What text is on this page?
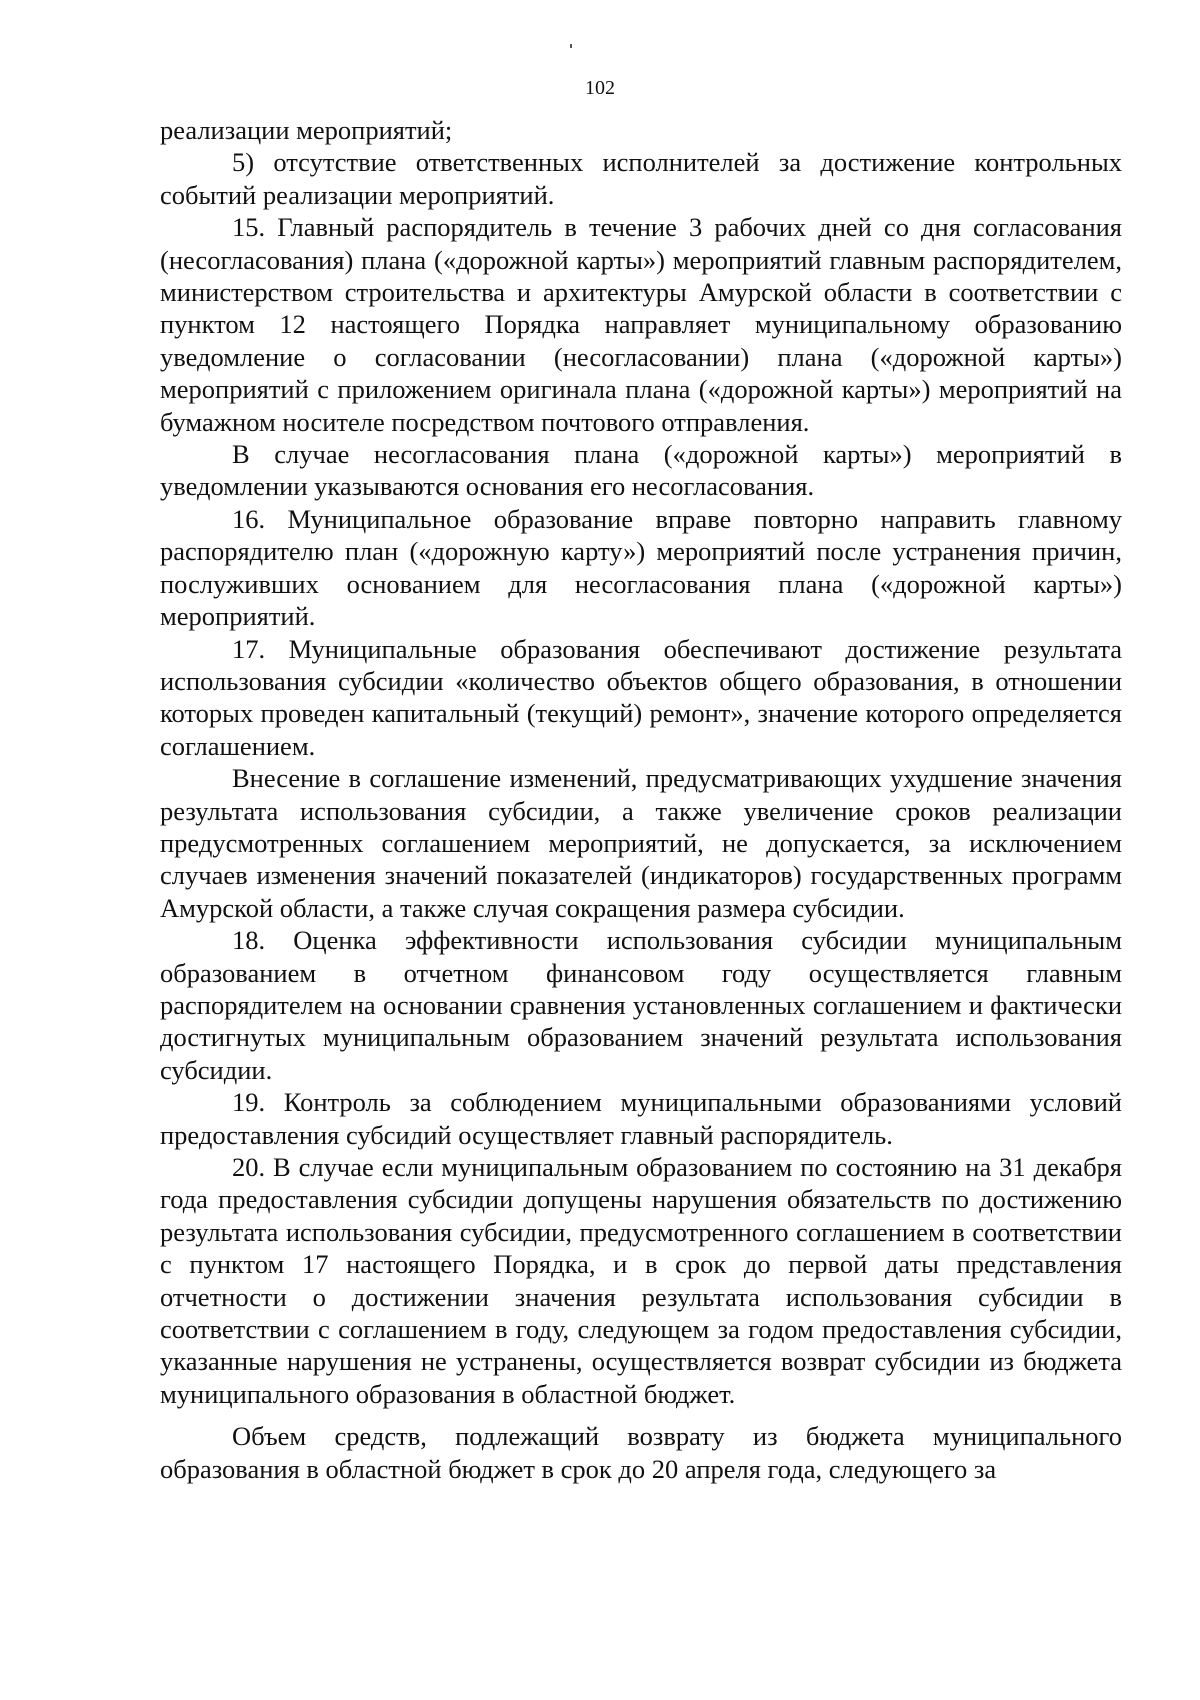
102

реализации мероприятий;

5) отсутствие ответственных исполнителей за достижение контрольных событий реализации мероприятий.

15. Главный распорядитель в течение 3 рабочих дней со дня согласования (несогласования) плана («дорожной карты») мероприятий главным распорядителем, министерством строительства и архитектуры Амурской области в соответствии с пунктом 12 настоящего Порядка направляет муниципальному образованию уведомление о согласовании (несогласовании) плана («дорожной карты») мероприятий с приложением оригинала плана («дорожной карты») мероприятий на бумажном носителе посредством почтового отправления.

В случае несогласования плана («дорожной карты») мероприятий в уведомлении указываются основания его несогласования.

16. Муниципальное образование вправе повторно направить главному распорядителю план («дорожную карту») мероприятий после устранения причин, послуживших основанием для несогласования плана («дорожной карты») мероприятий.

17. Муниципальные образования обеспечивают достижение результата использования субсидии «количество объектов общего образования, в отношении которых проведен капитальный (текущий) ремонт», значение которого определяется соглашением.

Внесение в соглашение изменений, предусматривающих ухудшение значения результата использования субсидии, а также увеличение сроков реализации предусмотренных соглашением мероприятий, не допускается, за исключением случаев изменения значений показателей (индикаторов) государственных программ Амурской области, а также случая сокращения размера субсидии.

18. Оценка эффективности использования субсидии муниципальным образованием в отчетном финансовом году осуществляется главным распорядителем на основании сравнения установленных соглашением и фактически достигнутых муниципальным образованием значений результата использования субсидии.

19. Контроль за соблюдением муниципальными образованиями условий предоставления субсидий осуществляет главный распорядитель.

20. В случае если муниципальным образованием по состоянию на 31 декабря года предоставления субсидии допущены нарушения обязательств по достижению результата использования субсидии, предусмотренного соглашением в соответствии с пунктом 17 настоящего Порядка, и в срок до первой даты представления отчетности о достижении значения результата использования субсидии в соответствии с соглашением в году, следующем за годом предоставления субсидии, указанные нарушения не устранены, осуществляется возврат субсидии из бюджета муниципального образования в областной бюджет.

Объем средств, подлежащий возврату из бюджета муниципального образования в областной бюджет в срок до 20 апреля года, следующего за
